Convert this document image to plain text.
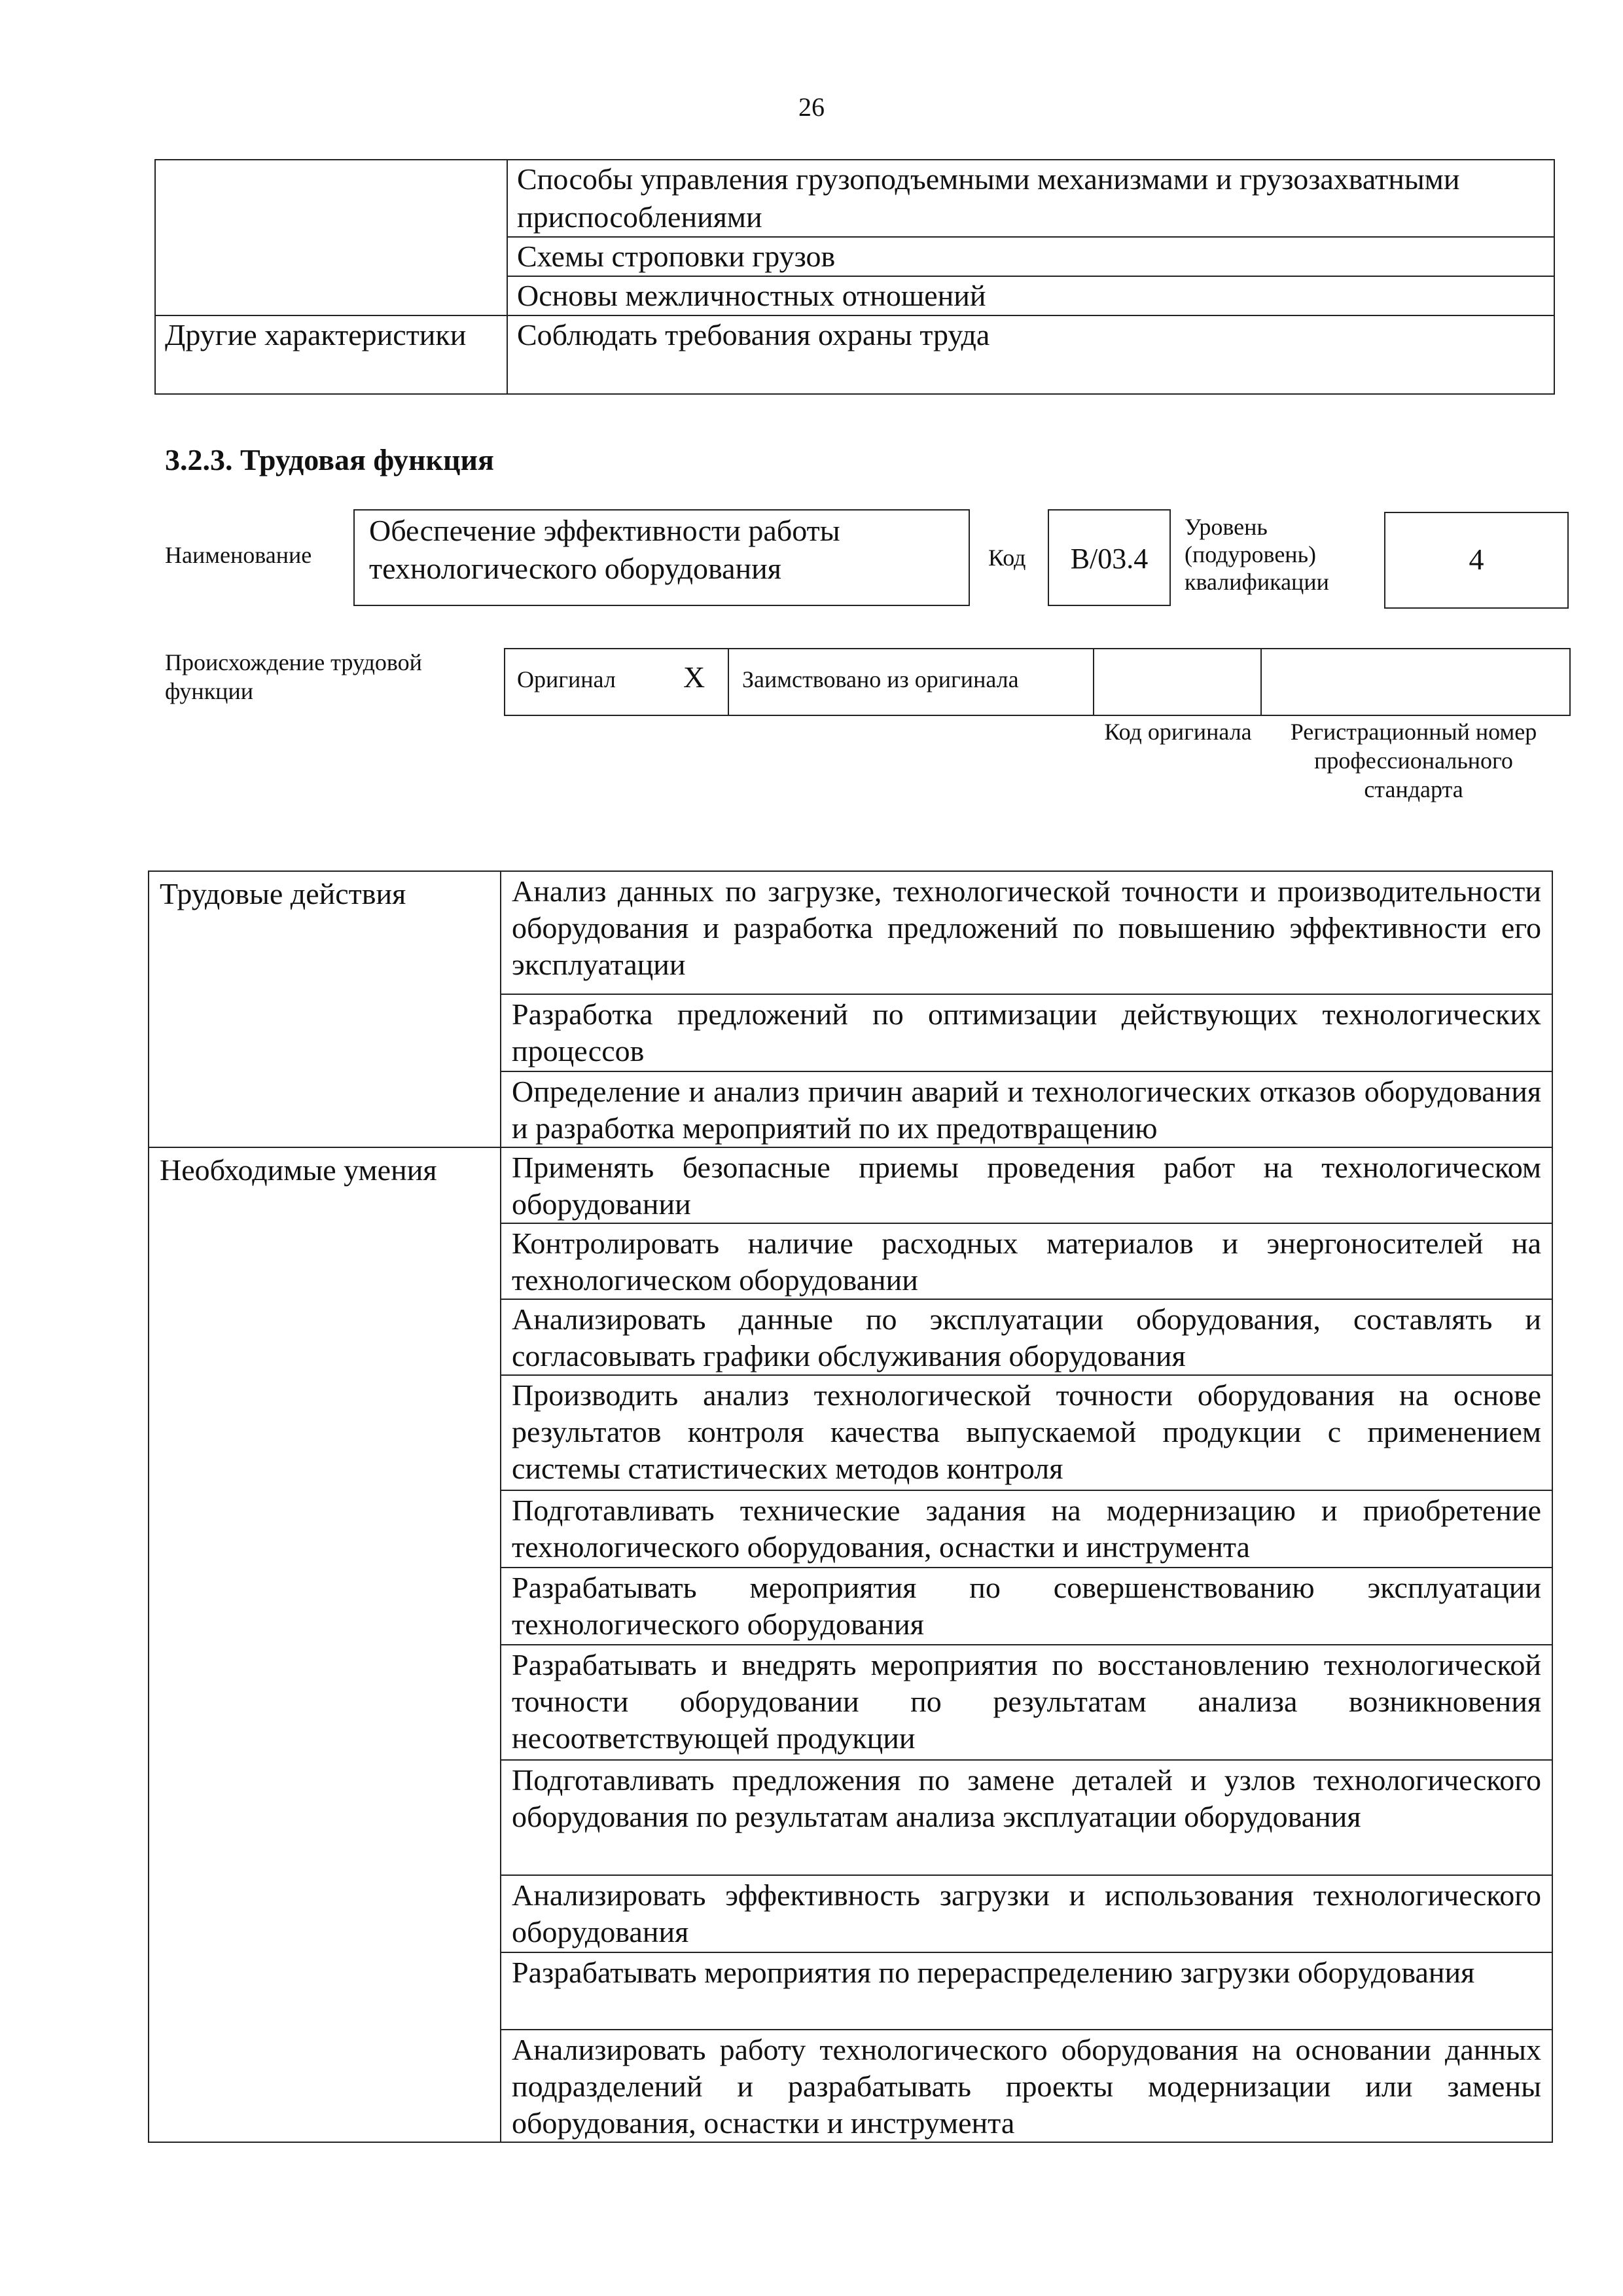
26
	Способы управления грузоподъемными механизмами и грузозахватными приспособлениями
	Схемы строповки грузов
	Основы межличностных отношений
Другие характеристики	Соблюдать требования охраны труда
3.2.3. Трудовая функция
Наименование
Обеспечение эффективности работы технологического оборудования	Код	B/03.4
Уровень (подуровень) квалификации
4
Происхождение трудовой функции	Оригинал X Заимствовано из оригинала
Код оригинала	Регистрационный номер профессионального стандарта
Трудовые действия	Анализ данных по загрузке, технологической точности и производительности оборудования и разработка предложений по повышению эффективности его эксплуатации
	Разработка предложений по оптимизации действующих технологических процессов
	Определение и анализ причин аварий и технологических отказов оборудования и разработка мероприятий по их предотвращению
Необходимые умения	Применять безопасные приемы проведения работ на технологическом оборудовании
	Контролировать наличие расходных материалов и энергоносителей на технологическом оборудовании
	Анализировать данные по эксплуатации оборудования, составлять и согласовывать графики обслуживания оборудования
	Производить анализ технологической точности оборудования на основе результатов контроля качества выпускаемой продукции с применением системы статистических методов контроля
	Подготавливать технические задания на модернизацию и приобретение технологического оборудования, оснастки и инструмента
	Разрабатывать мероприятия по совершенствованию эксплуатации технологического оборудования
	Разрабатывать и внедрять мероприятия по восстановлению технологической точности оборудовании по результатам анализа возникновения несоответствующей продукции
	Подготавливать предложения по замене деталей и узлов технологического оборудования по результатам анализа эксплуатации оборудования
	Анализировать эффективность загрузки и использования технологического оборудования
	Разрабатывать мероприятия по перераспределению загрузки оборудования
	Анализировать работу технологического оборудования на основании данных подразделений и разрабатывать проекты модернизации или замены оборудования, оснастки и инструмента
